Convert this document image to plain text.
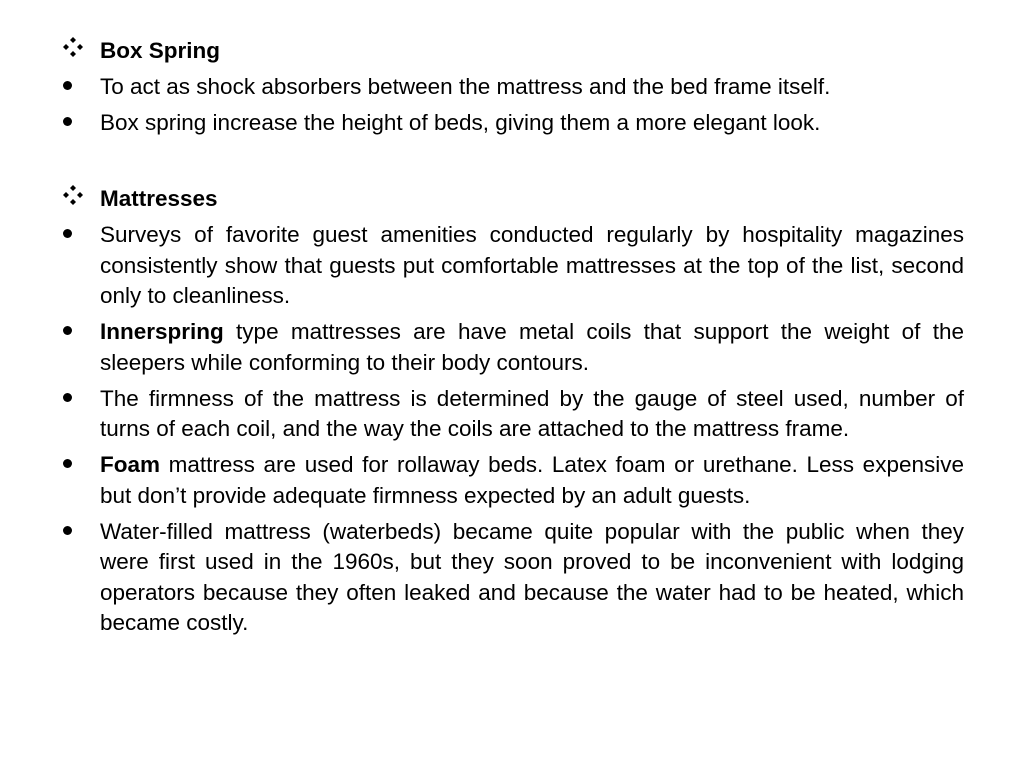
Box Spring
To act as shock absorbers between the mattress and the bed frame itself.
Box spring increase the height of beds, giving them a more elegant look.
Mattresses
Surveys of favorite guest amenities conducted regularly by hospitality magazines consistently show that guests put comfortable mattresses at the top of the list, second only to cleanliness.
Innerspring type mattresses are have metal coils that support the weight of the sleepers while conforming to their body contours.
The firmness of the mattress is determined by the gauge of steel used, number of turns of each coil, and the way the coils are attached to the mattress frame.
Foam mattress are used for rollaway beds. Latex foam or urethane. Less expensive but don’t provide adequate firmness expected by an adult guests.
Water-filled mattress (waterbeds) became quite popular with the public when they were first used in the 1960s, but they soon proved to be inconvenient with lodging operators because they often leaked and because the water had to be heated, which became costly.
